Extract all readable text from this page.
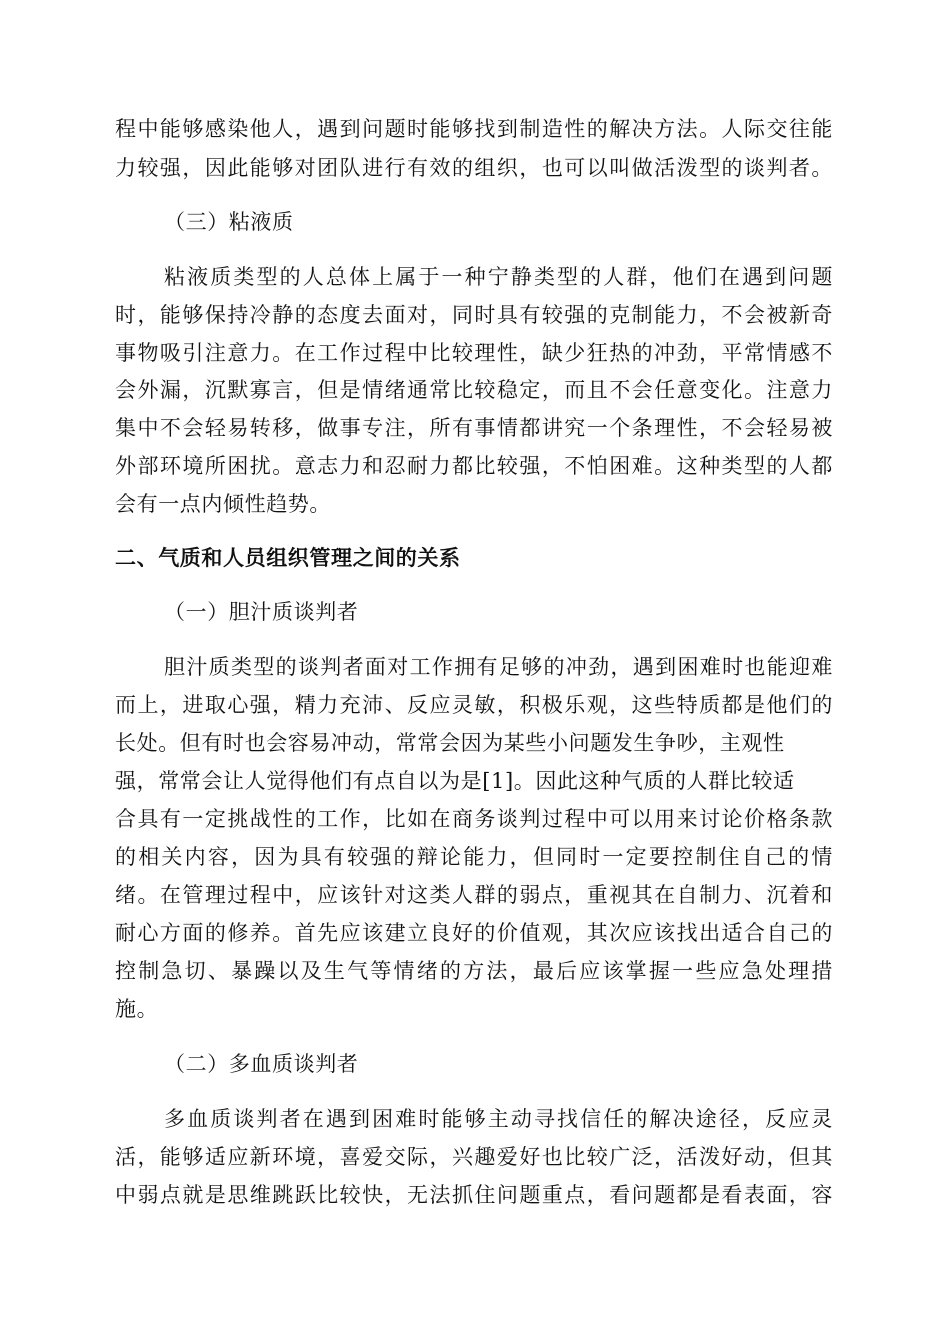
程中能够感染他人，遇到问题时能够找到制造性的解决方法。人际交往能
力较强，因此能够对团队进行有效的组织，也可以叫做活泼型的谈判者。
（三）粘液质
粘液质类型的人总体上属于一种宁静类型的人群，他们在遇到问题
时，能够保持冷静的态度去面对，同时具有较强的克制能力，不会被新奇
事物吸引注意力。在工作过程中比较理性，缺少狂热的冲劲，平常情感不
会外漏，沉默寡言，但是情绪通常比较稳定，而且不会任意变化。注意力
集中不会轻易转移，做事专注，所有事情都讲究一个条理性，不会轻易被
外部环境所困扰。意志力和忍耐力都比较强，不怕困难。这种类型的人都
会有一点内倾性趋势。
二、气质和人员组织管理之间的关系
（一）胆汁质谈判者
胆汁质类型的谈判者面对工作拥有足够的冲劲，遇到困难时也能迎难
而上，进取心强，精力充沛、反应灵敏，积极乐观，这些特质都是他们的
长处。但有时也会容易冲动，常常会因为某些小问题发生争吵，主观性
强，常常会让人觉得他们有点自以为是[1]。因此这种气质的人群比较适
合具有一定挑战性的工作，比如在商务谈判过程中可以用来讨论价格条款
的相关内容，因为具有较强的辩论能力，但同时一定要控制住自己的情
绪。在管理过程中，应该针对这类人群的弱点，重视其在自制力、沉着和
耐心方面的修养。首先应该建立良好的价值观，其次应该找出适合自己的
控制急切、暴躁以及生气等情绪的方法，最后应该掌握一些应急处理措
施。
（二）多血质谈判者
多血质谈判者在遇到困难时能够主动寻找信任的解决途径，反应灵
活，能够适应新环境，喜爱交际，兴趣爱好也比较广泛，活泼好动，但其
中弱点就是思维跳跃比较快，无法抓住问题重点，看问题都是看表面，容
